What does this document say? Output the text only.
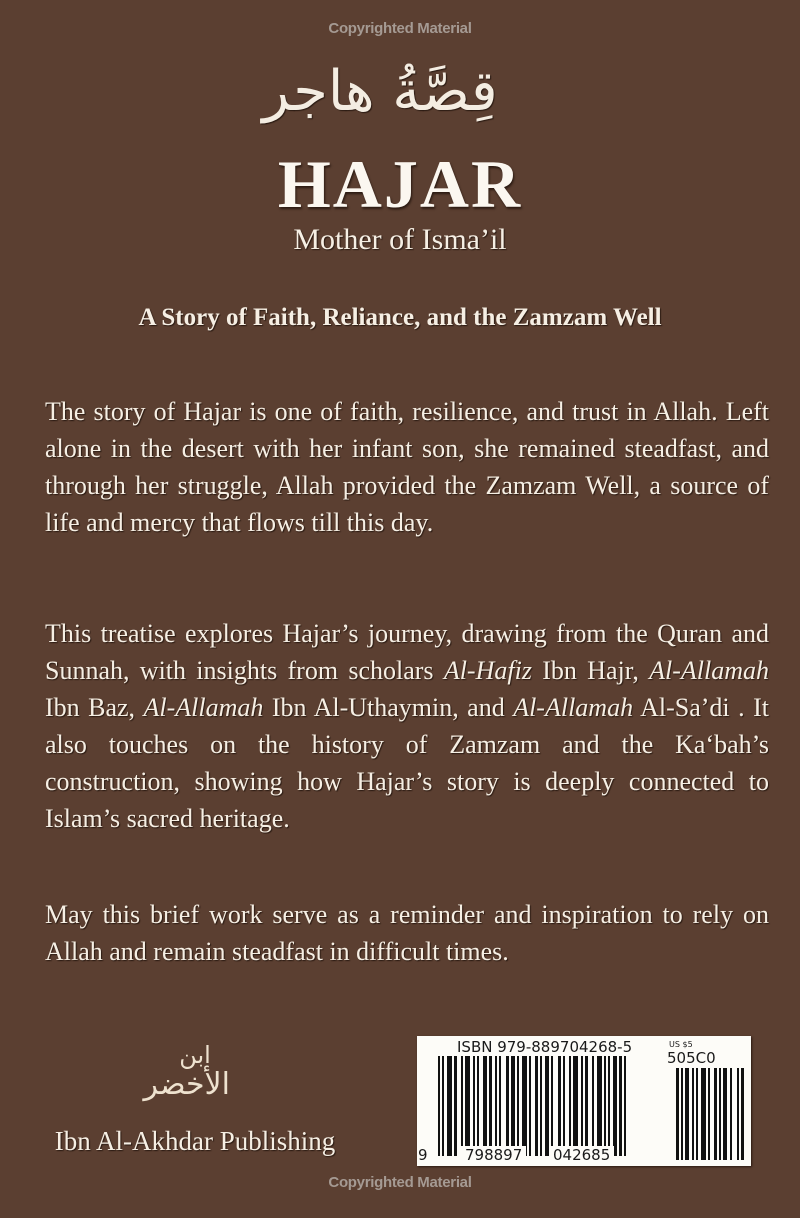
Copyrighted Material
قِصَّةُ هاجر
HAJAR
Mother of Isma’il
A Story of Faith, Reliance, and the Zamzam Well

The story of Hajar is one of faith, resilience, and trust in Allah. Left alone in the desert with her infant son, she remained steadfast, and through her struggle, Allah provided the Zamzam Well, a source of life and mercy that flows till this day.

This treatise explores Hajar’s journey, drawing from the Quran and Sunnah, with insights from scholars Al-Hafiz Ibn Hajr, Al-Allamah Ibn Baz, Al-Allamah Ibn Al-Uthaymin, and Al-Allamah Al-Sa’di . It also touches on the history of Zamzam and the Ka‘bah’s construction, showing how Hajar’s story is deeply connected to Islam’s sacred heritage.

May this brief work serve as a reminder and inspiration to rely on Allah and remain steadfast in difficult times.

ابن
الأخضر
Ibn Al-Akhdar Publishing
ISBN 979-889704268-5	US $5
505C0
9 798897 042685
Copyrighted Material
